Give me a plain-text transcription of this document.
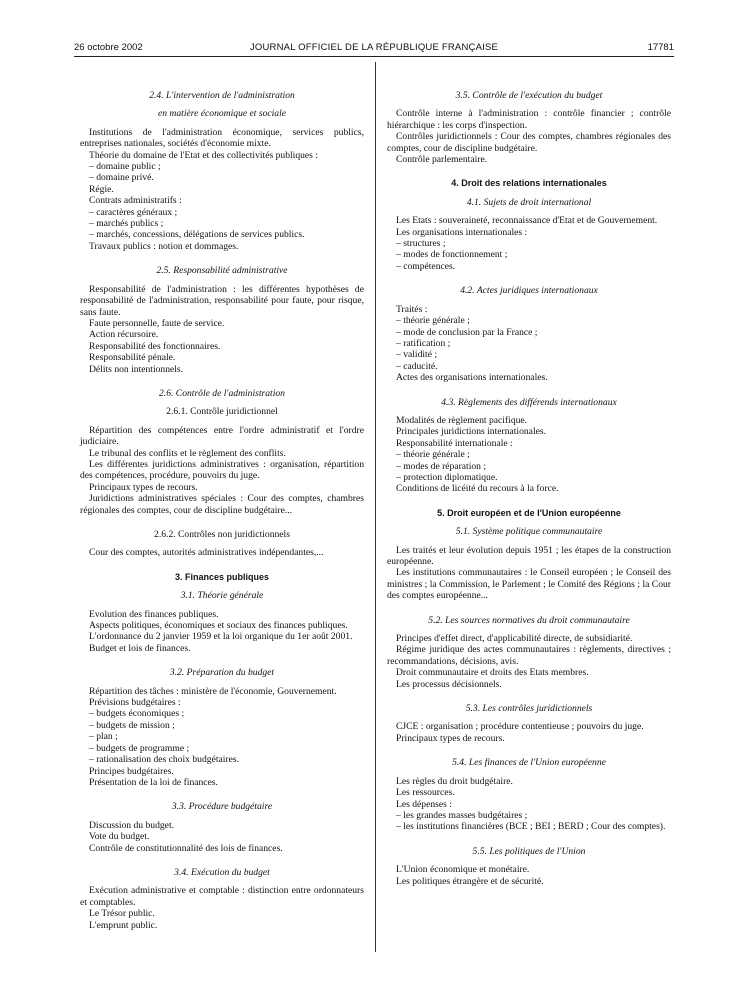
26 octobre 2002	JOURNAL OFFICIEL DE LA RÉPUBLIQUE FRANÇAISE	17781
2.4. L'intervention de l'administration
en matière économique et sociale
Institutions de l'administration économique, services publics, entreprises nationales, sociétés d'économie mixte.
Théorie du domaine de l'Etat et des collectivités publiques :
– domaine public ;
– domaine privé.
Régie.
Contrats administratifs :
– caractères généraux ;
– marchés publics ;
– marchés, concessions, délégations de services publics.
Travaux publics : notion et dommages.
2.5. Responsabilité administrative
Responsabilité de l'administration : les différentes hypothèses de responsabilité de l'administration, responsabilité pour faute, pour risque, sans faute.
Faute personnelle, faute de service.
Action récursoire.
Responsabilité des fonctionnaires.
Responsabilité pénale.
Délits non intentionnels.
2.6. Contrôle de l'administration
2.6.1. Contrôle juridictionnel
Répartition des compétences entre l'ordre administratif et l'ordre judiciaire.
Le tribunal des conflits et le règlement des conflits.
Les différentes juridictions administratives : organisation, répartition des compétences, procédure, pouvoirs du juge.
Principaux types de recours.
Juridictions administratives spéciales : Cour des comptes, chambres régionales des comptes, cour de discipline budgétaire...
2.6.2. Contrôles non juridictionnels
Cour des comptes, autorités administratives indépendantes,...
3. Finances publiques
3.1. Théorie générale
Evolution des finances publiques.
Aspects politiques, économiques et sociaux des finances publiques.
L'ordonnance du 2 janvier 1959 et la loi organique du 1er août 2001.
Budget et lois de finances.
3.2. Préparation du budget
Répartition des tâches : ministère de l'économie, Gouvernement.
Prévisions budgétaires :
– budgets économiques ;
– budgets de mission ;
– plan ;
– budgets de programme ;
– rationalisation des choix budgétaires.
Principes budgétaires.
Présentation de la loi de finances.
3.3. Procédure budgétaire
Discussion du budget.
Vote du budget.
Contrôle de constitutionnalité des lois de finances.
3.4. Exécution du budget
Exécution administrative et comptable : distinction entre ordonnateurs et comptables.
Le Trésor public.
L'emprunt public.
3.5. Contrôle de l'exécution du budget
Contrôle interne à l'administration : contrôle financier ; contrôle hiérarchique : les corps d'inspection.
Contrôles juridictionnels : Cour des comptes, chambres régionales des comptes, cour de discipline budgétaire.
Contrôle parlementaire.
4. Droit des relations internationales
4.1. Sujets de droit international
Les Etats : souveraineté, reconnaissance d'Etat et de Gouvernement.
Les organisations internationales :
– structures ;
– modes de fonctionnement ;
– compétences.
4.2. Actes juridiques internationaux
Traités :
– théorie générale ;
– mode de conclusion par la France ;
– ratification ;
– validité ;
– caducité.
Actes des organisations internationales.
4.3. Règlements des différends internationaux
Modalités de règlement pacifique.
Principales juridictions internationales.
Responsabilité internationale :
– théorie générale ;
– modes de réparation ;
– protection diplomatique.
Conditions de licéité du recours à la force.
5. Droit européen et de l'Union européenne
5.1. Système politique communautaire
Les traités et leur évolution depuis 1951 ; les étapes de la construction européenne.
Les institutions communautaires : le Conseil européen ; le Conseil des ministres ; la Commission, le Parlement ; le Comité des Régions ; la Cour des comptes européenne...
5.2. Les sources normatives du droit communautaire
Principes d'effet direct, d'applicabilité directe, de subsidiarité.
Régime juridique des actes communautaires : règlements, directives ; recommandations, décisions, avis.
Droit communautaire et droits des Etats membres.
Les processus décisionnels.
5.3. Les contrôles juridictionnels
CJCE : organisation ; procédure contentieuse ; pouvoirs du juge.
Principaux types de recours.
5.4. Les finances de l'Union européenne
Les règles du droit budgétaire.
Les ressources.
Les dépenses :
– les grandes masses budgétaires ;
– les institutions financières (BCE ; BEI ; BERD ; Cour des comptes).
5.5. Les politiques de l'Union
L'Union économique et monétaire.
Les politiques étrangère et de sécurité.
